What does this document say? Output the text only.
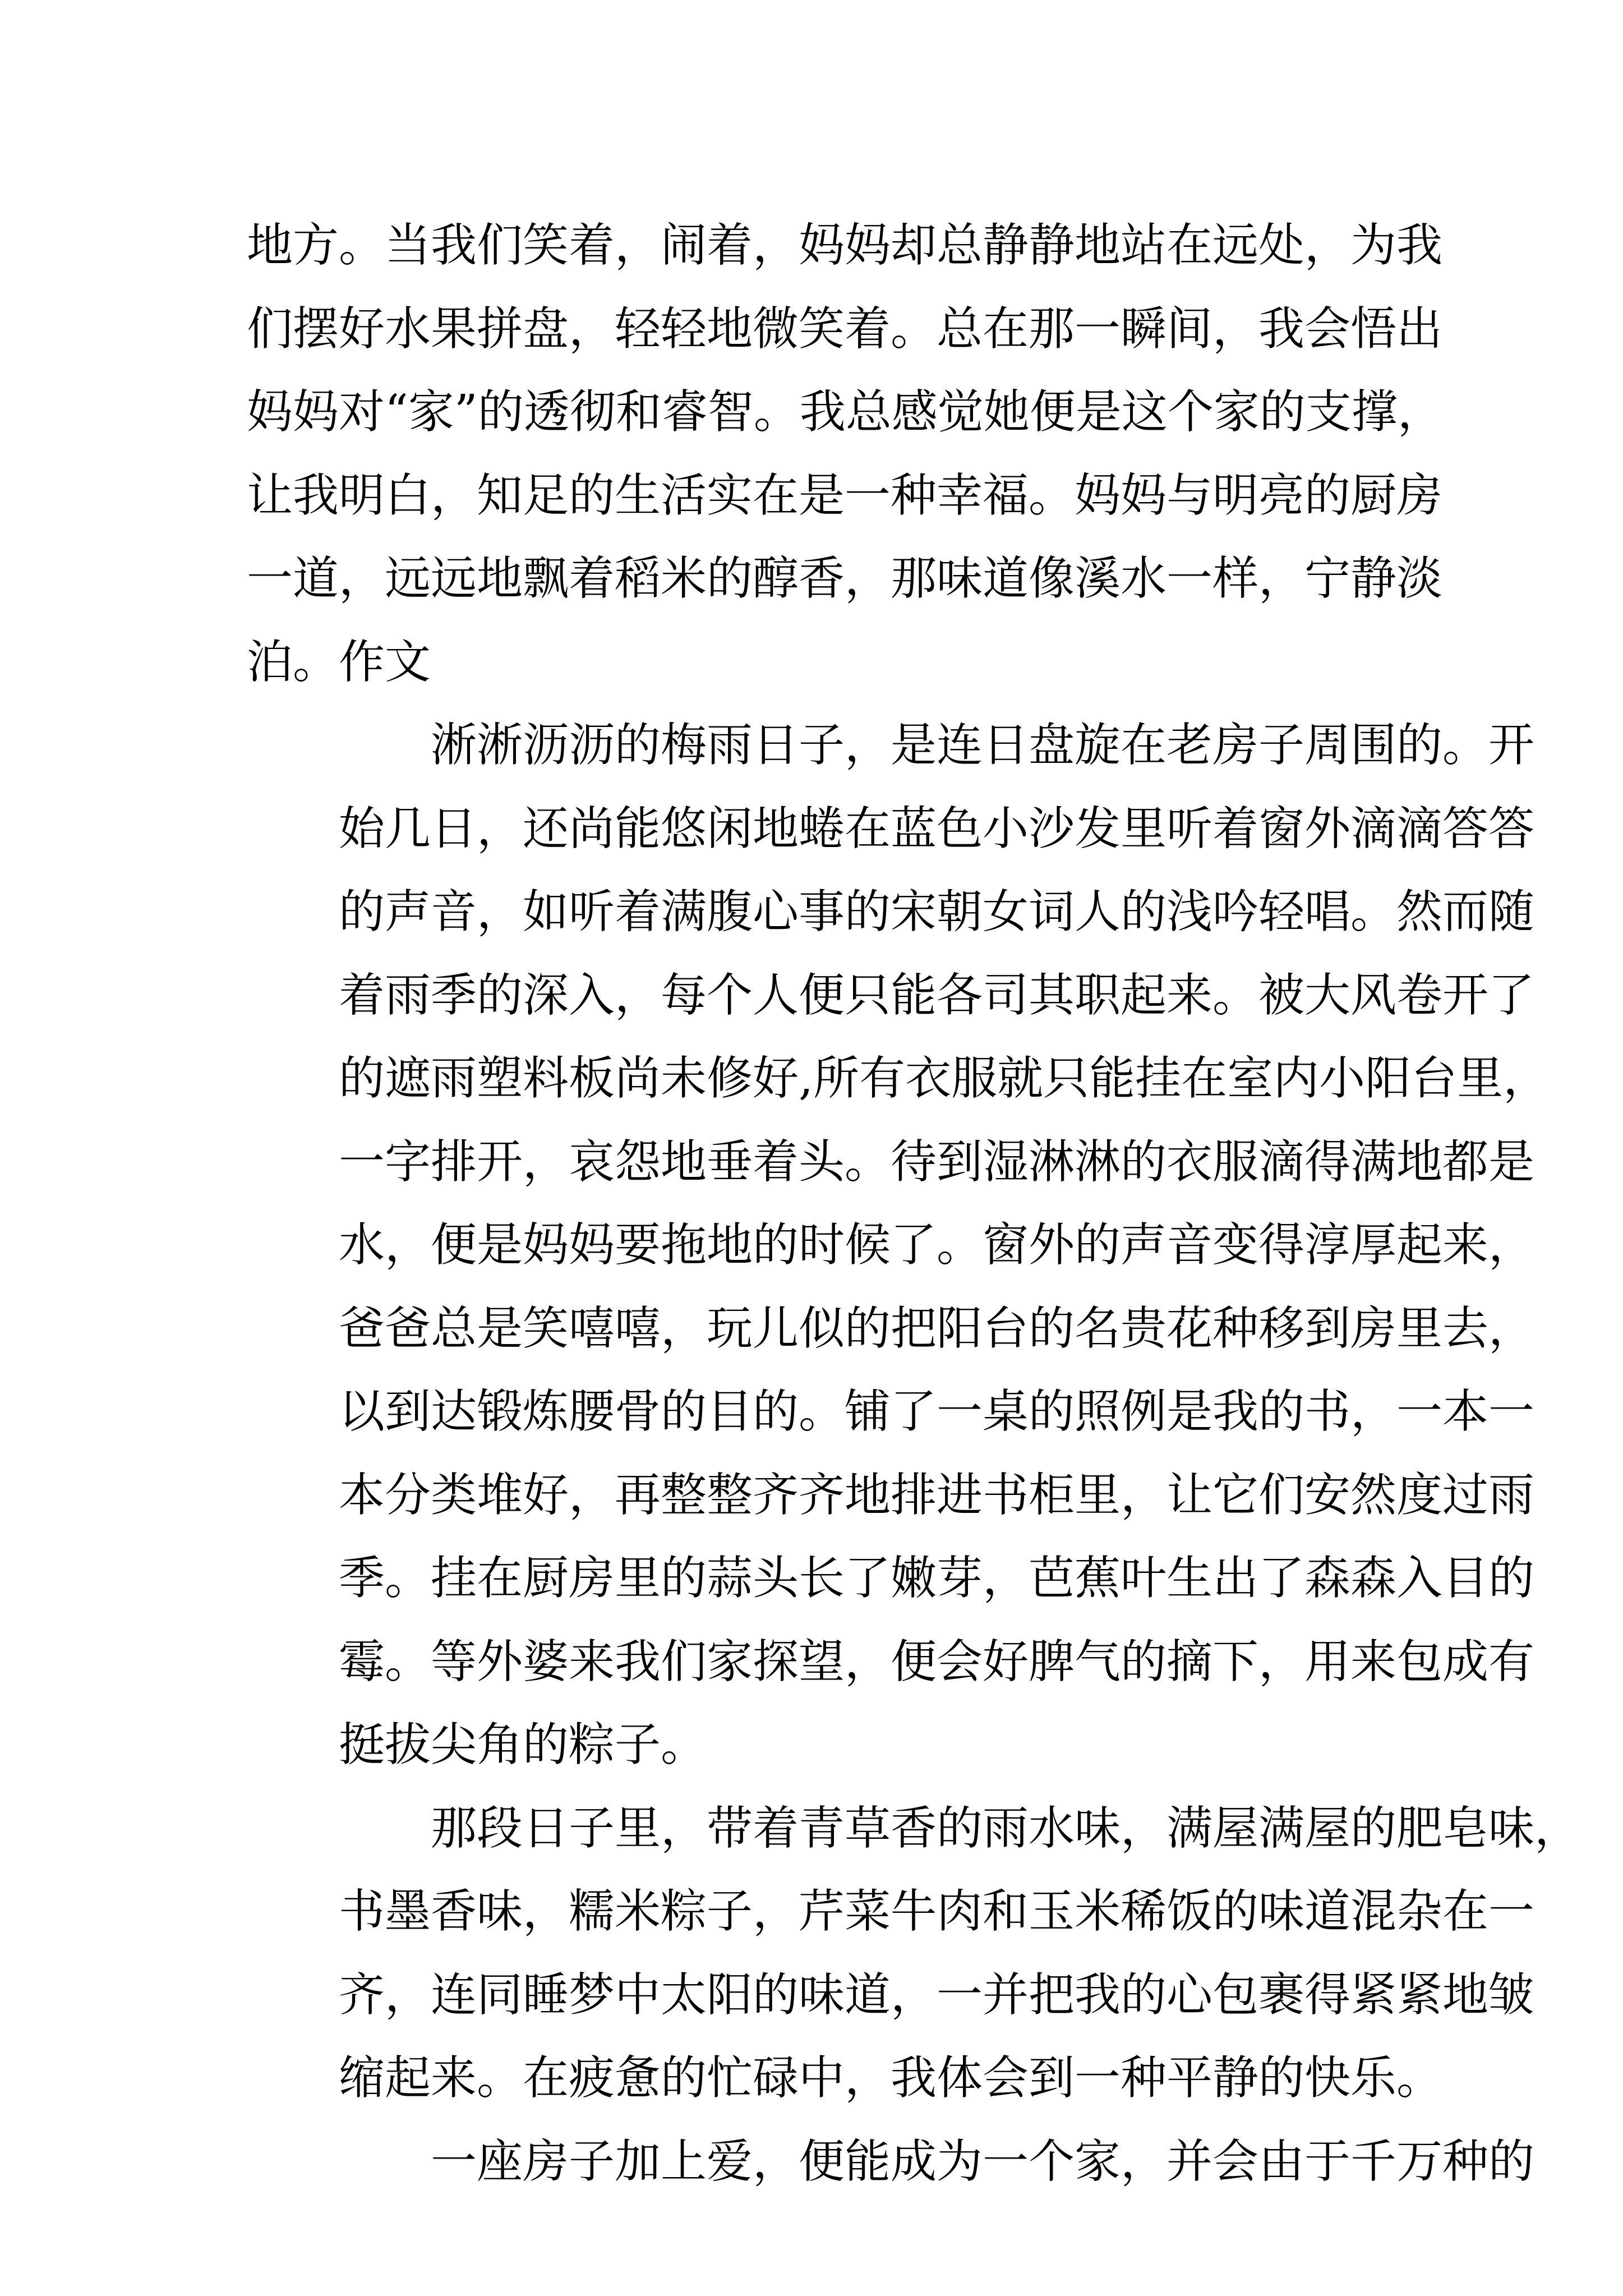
地方。当我们笑着，闹着，妈妈却总静静地站在远处，为我
们摆好水果拼盘，轻轻地微笑着。总在那一瞬间，我会悟出
妈妈对“家”的透彻和睿智。我总感觉她便是这个家的支撑，
让我明白，知足的生活实在是一种幸福。妈妈与明亮的厨房
一道，远远地飘着稻米的醇香，那味道像溪水一样，宁静淡
泊。作文
淅淅沥沥的梅雨日子，是连日盘旋在老房子周围的。开
始几日，还尚能悠闲地蜷在蓝色小沙发里听着窗外滴滴答答
的声音，如听着满腹心事的宋朝女词人的浅吟轻唱。然而随
着雨季的深入，每个人便只能各司其职起来。被大风卷开了
的遮雨塑料板尚未修好,所有衣服就只能挂在室内小阳台里，
一字排开，哀怨地垂着头。待到湿淋淋的衣服滴得满地都是
水，便是妈妈要拖地的时候了。窗外的声音变得淳厚起来，
爸爸总是笑嘻嘻，玩儿似的把阳台的名贵花种移到房里去，
以到达锻炼腰骨的目的。铺了一桌的照例是我的书，一本一
本分类堆好，再整整齐齐地排进书柜里，让它们安然度过雨
季。挂在厨房里的蒜头长了嫩芽，芭蕉叶生出了森森入目的
霉。等外婆来我们家探望，便会好脾气的摘下，用来包成有
挺拔尖角的粽子。
那段日子里，带着青草香的雨水味，满屋满屋的肥皂味，
书墨香味，糯米粽子，芹菜牛肉和玉米稀饭的味道混杂在一
齐，连同睡梦中太阳的味道，一并把我的心包裹得紧紧地皱
缩起来。在疲惫的忙碌中，我体会到一种平静的快乐。
一座房子加上爱，便能成为一个家，并会由于千万种的
